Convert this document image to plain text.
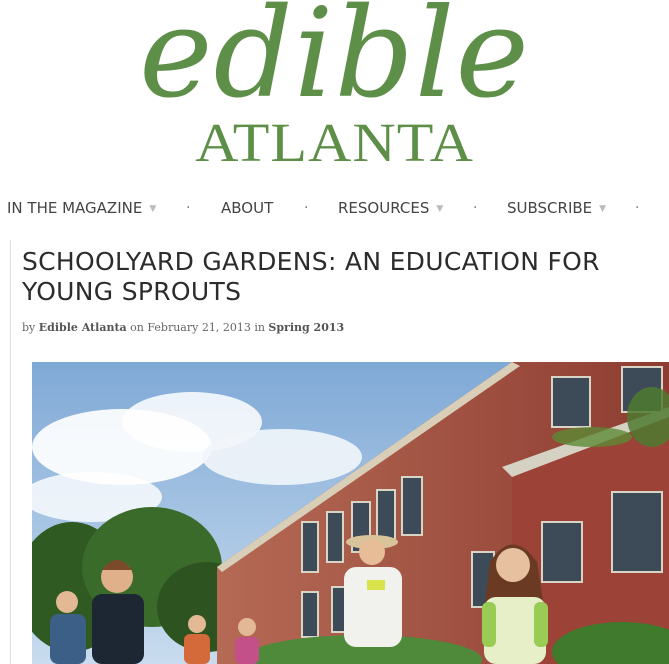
edible
ATLANTA
IN THE MAGAZINE ▼ · ABOUT · RESOURCES ▼ · SUBSCRIBE ▼ ·
SCHOOLYARD GARDENS: AN EDUCATION FOR YOUNG SPROUTS
by Edible Atlanta on February 21, 2013 in Spring 2013
